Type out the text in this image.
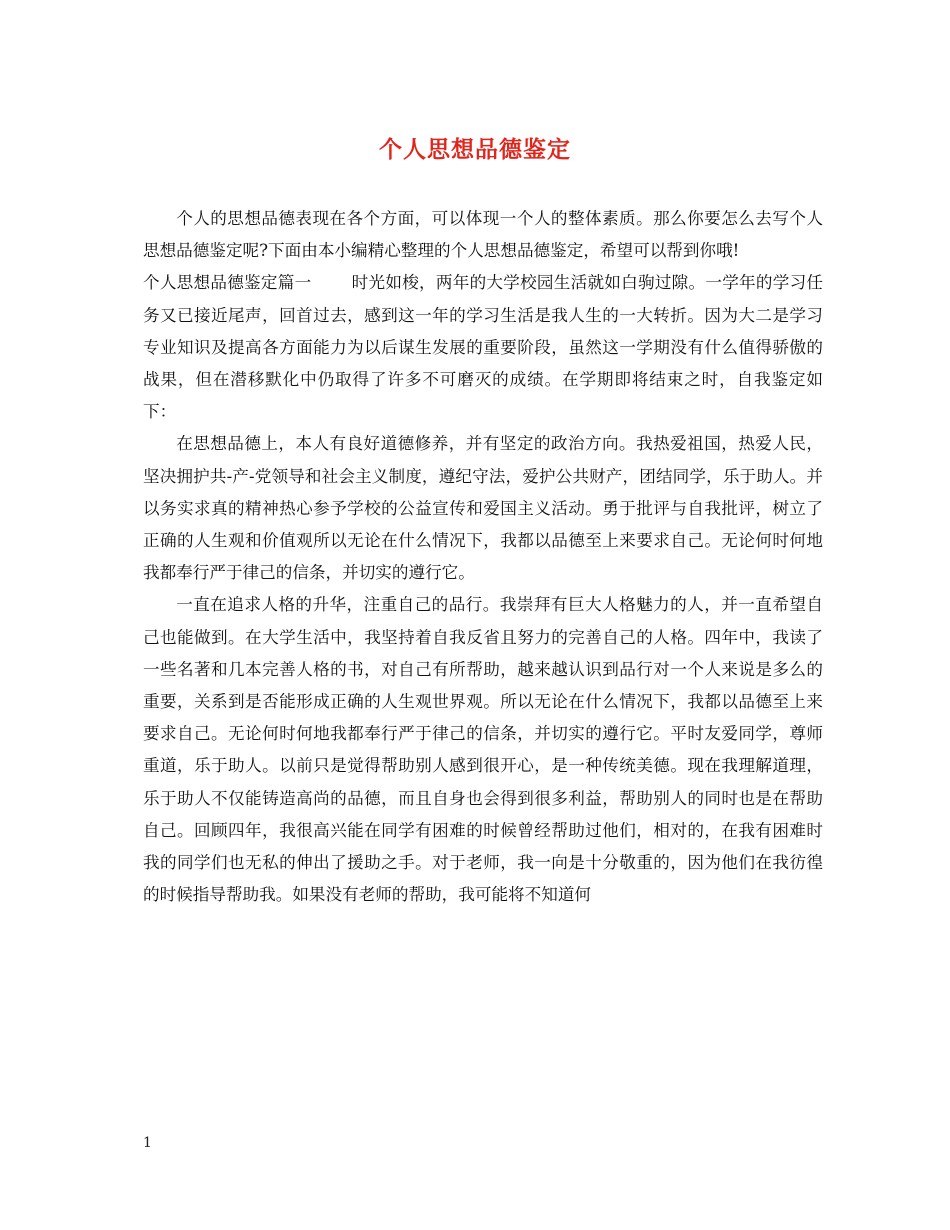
个人思想品德鉴定

个人的思想品德表现在各个方面，可以体现一个人的整体素质。那么你要怎么去写个人思想品德鉴定呢?下面由本小编精心整理的个人思想品德鉴定，希望可以帮到你哦!

个人思想品德鉴定篇一 时光如梭，两年的大学校园生活就如白驹过隙。一学年的学习任务又已接近尾声，回首过去，感到这一年的学习生活是我人生的一大转折。因为大二是学习专业知识及提高各方面能力为以后谋生发展的重要阶段，虽然这一学期没有什么值得骄傲的战果，但在潜移默化中仍取得了许多不可磨灭的成绩。在学期即将结束之时，自我鉴定如下：

在思想品德上，本人有良好道德修养，并有坚定的政治方向。我热爱祖国，热爱人民，坚决拥护共-产-党领导和社会主义制度，遵纪守法，爱护公共财产，团结同学，乐于助人。并以务实求真的精神热心参予学校的公益宣传和爱国主义活动。勇于批评与自我批评，树立了正确的人生观和价值观所以无论在什么情况下，我都以品德至上来要求自己。无论何时何地我都奉行严于律己的信条，并切实的遵行它。

一直在追求人格的升华，注重自己的品行。我崇拜有巨大人格魅力的人，并一直希望自己也能做到。在大学生活中，我坚持着自我反省且努力的完善自己的人格。四年中，我读了一些名著和几本完善人格的书，对自己有所帮助，越来越认识到品行对一个人来说是多么的重要，关系到是否能形成正确的人生观世界观。所以无论在什么情况下，我都以品德至上来要求自己。无论何时何地我都奉行严于律己的信条，并切实的遵行它。平时友爱同学，尊师重道，乐于助人。以前只是觉得帮助别人感到很开心，是一种传统美德。现在我理解道理，乐于助人不仅能铸造高尚的品德，而且自身也会得到很多利益，帮助别人的同时也是在帮助自己。回顾四年，我很高兴能在同学有困难的时候曾经帮助过他们，相对的，在我有困难时我的同学们也无私的伸出了援助之手。对于老师，我一向是十分敬重的，因为他们在我彷徨的时候指导帮助我。如果没有老师的帮助，我可能将不知道何

1
